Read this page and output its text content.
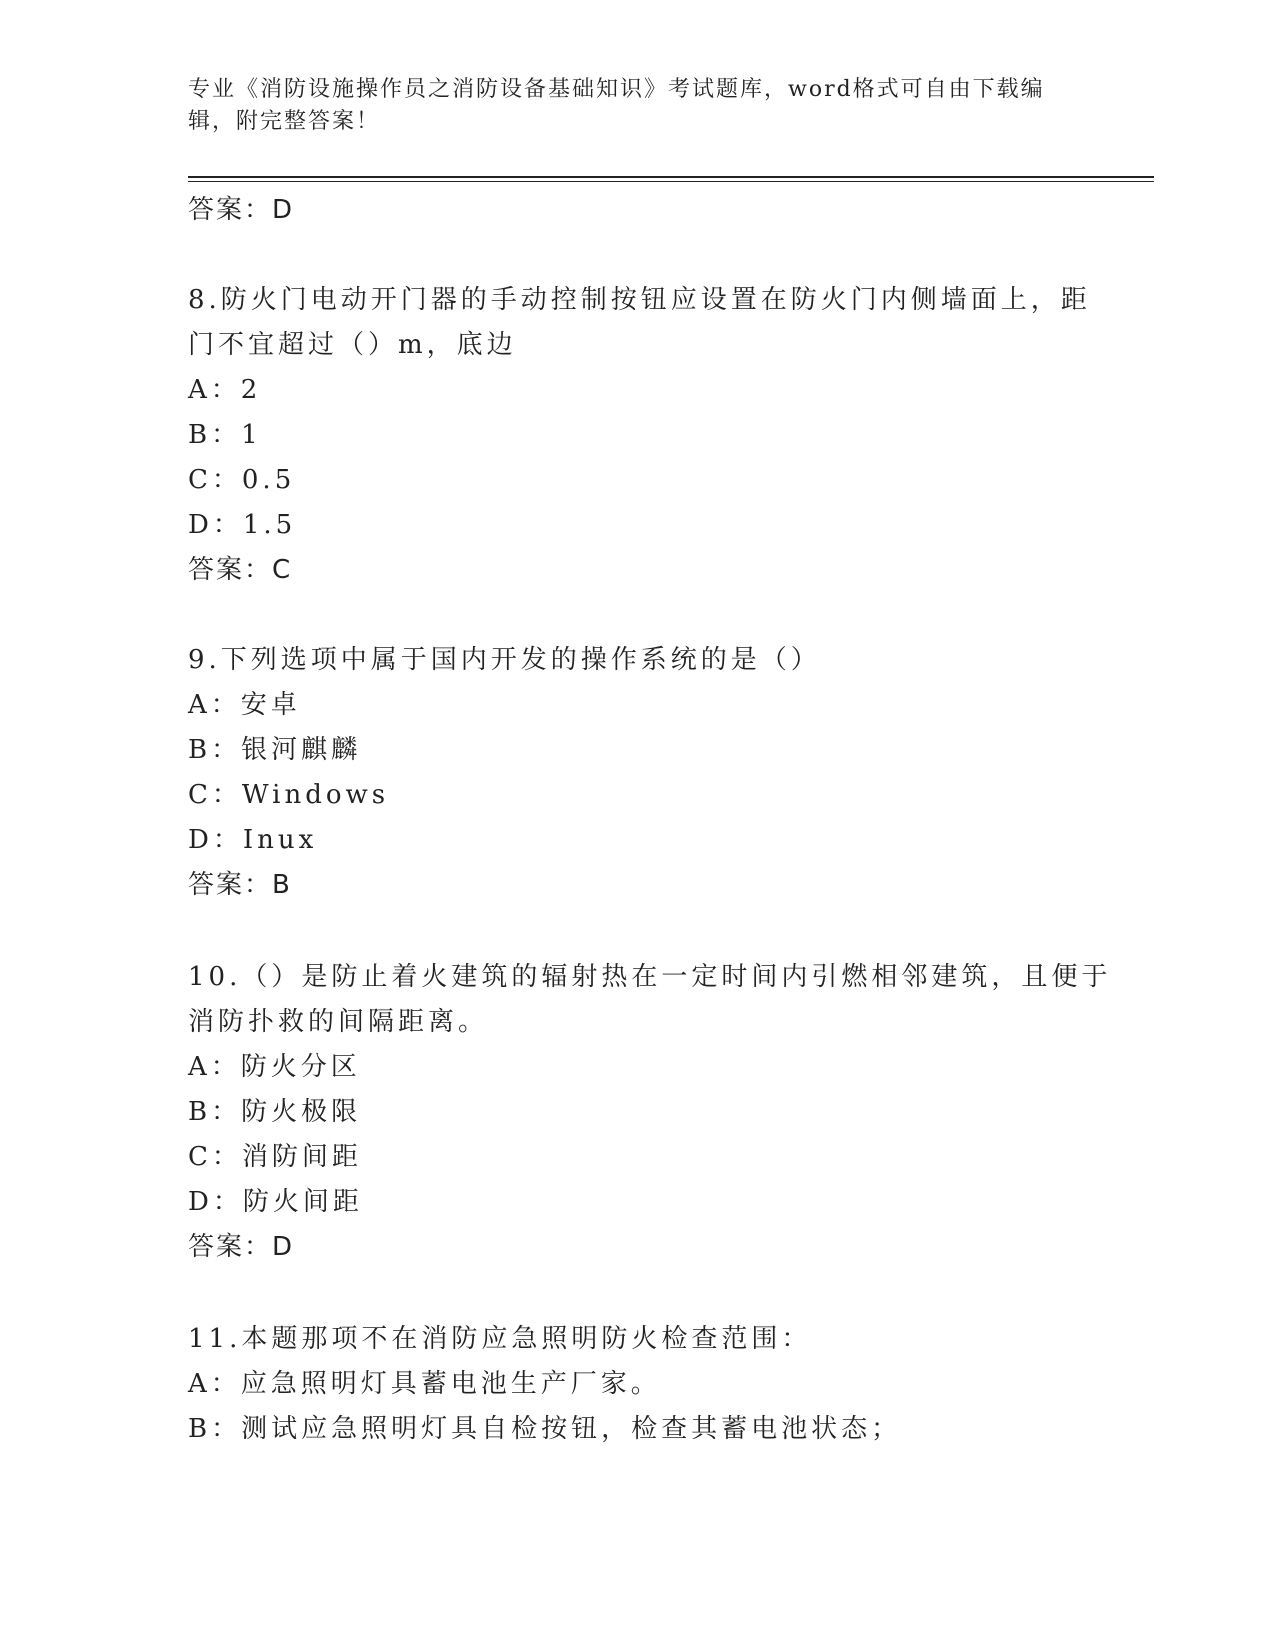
专业《消防设施操作员之消防设备基础知识》考试题库，word格式可自由下载编
辑，附完整答案！
答案：D
8.防火门电动开门器的手动控制按钮应设置在防火门内侧墙面上，距
门不宜超过（）m，底边
A：2
B：1
C：0.5
D：1.5
答案：C
9.下列选项中属于国内开发的操作系统的是（）
A：安卓
B：银河麒麟
C：Windows
D：Inux
答案：B
10.（）是防止着火建筑的辐射热在一定时间内引燃相邻建筑，且便于
消防扑救的间隔距离。
A：防火分区
B：防火极限
C：消防间距
D：防火间距
答案：D
11.本题那项不在消防应急照明防火检查范围：
A：应急照明灯具蓄电池生产厂家。
B：测试应急照明灯具自检按钮，检查其蓄电池状态；
